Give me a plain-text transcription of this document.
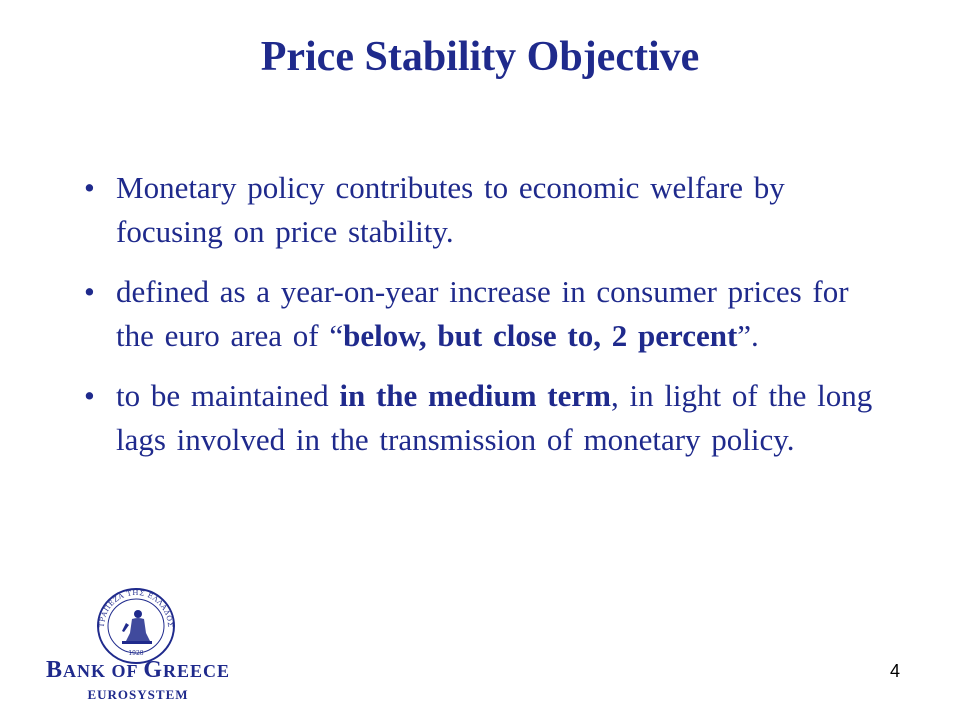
Price Stability Objective
• Monetary policy contributes to economic welfare by focusing on price stability.
• defined as a year-on-year increase in consumer prices for the euro area of “below, but close to, 2 percent”.
• to be maintained in the medium term, in light of the long lags involved in the transmission of monetary policy.
ΤΡΑΠΕΖΑ ΤΗΣ ΕΛΛΑΔΟΣ
1928
BANK OF GREECE
EUROSYSTEM
4
